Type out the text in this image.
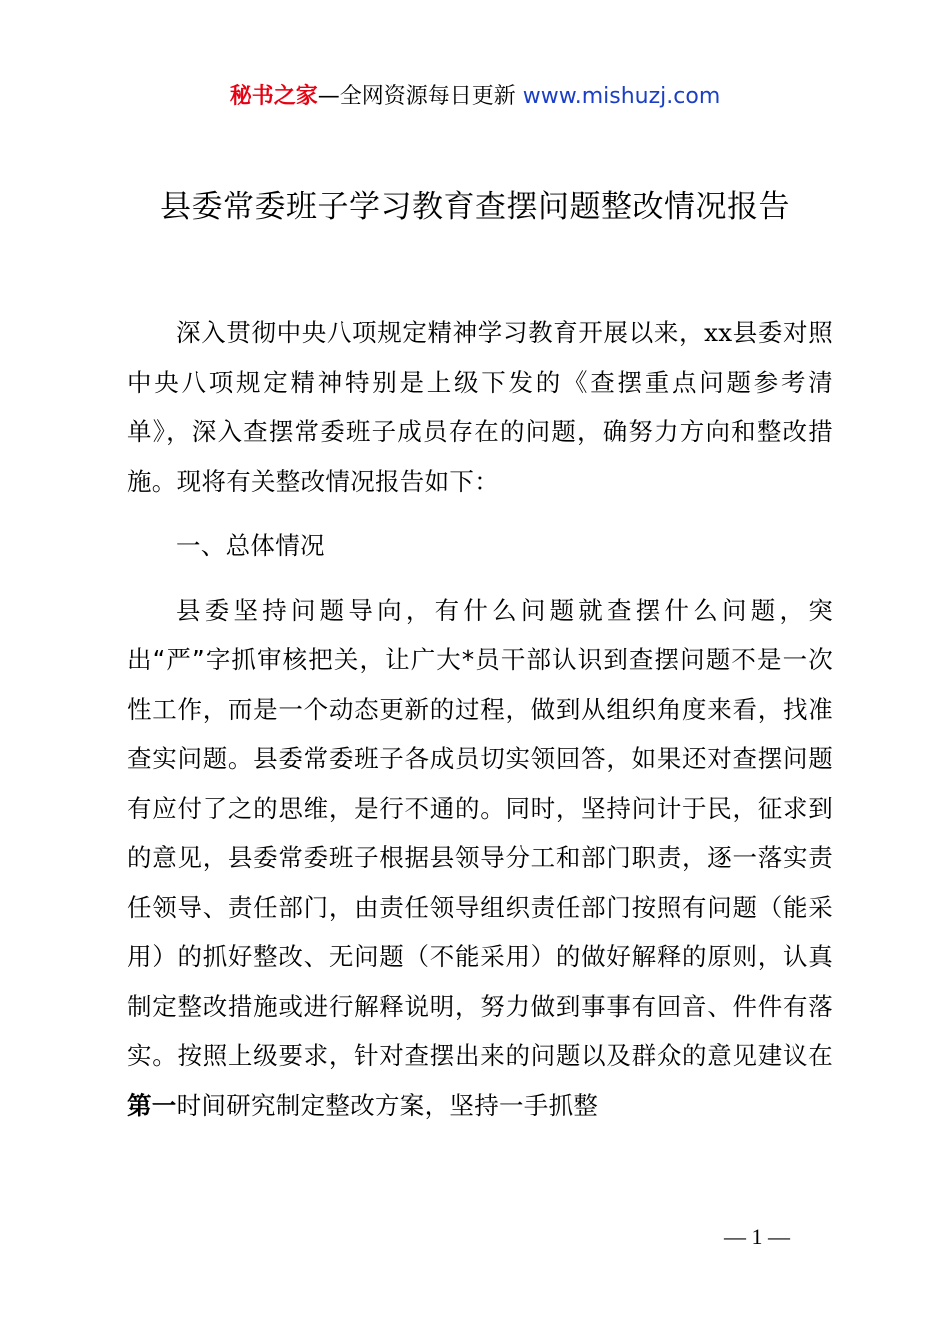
秘书之家—全网资源每日更新 www.mishuzj.com
县委常委班子学习教育查摆问题整改情况报告

深入贯彻中央八项规定精神学习教育开展以来，xx县委对照中央八项规定精神特别是上级下发的《查摆重点问题参考清单》，深入查摆常委班子成员存在的问题，确努力方向和整改措施。现将有关整改情况报告如下：

一、总体情况

县委坚持问题导向，有什么问题就查摆什么问题，突出“严”字抓审核把关，让广大*员干部认识到查摆问题不是一次性工作，而是一个动态更新的过程，做到从组织角度来看，找准查实问题。县委常委班子各成员切实领回答，如果还对查摆问题有应付了之的思维，是行不通的。同时，坚持问计于民，征求到的意见，县委常委班子根据县领导分工和部门职责，逐一落实责任领导、责任部门，由责任领导组织责任部门按照有问题（能采用）的抓好整改、无问题（不能采用）的做好解释的原则，认真制定整改措施或进行解释说明，努力做到事事有回音、件件有落实。按照上级要求，针对查摆出来的问题以及群众的意见建议在第一时间研究制定整改方案，坚持一手抓整

— 1 —
